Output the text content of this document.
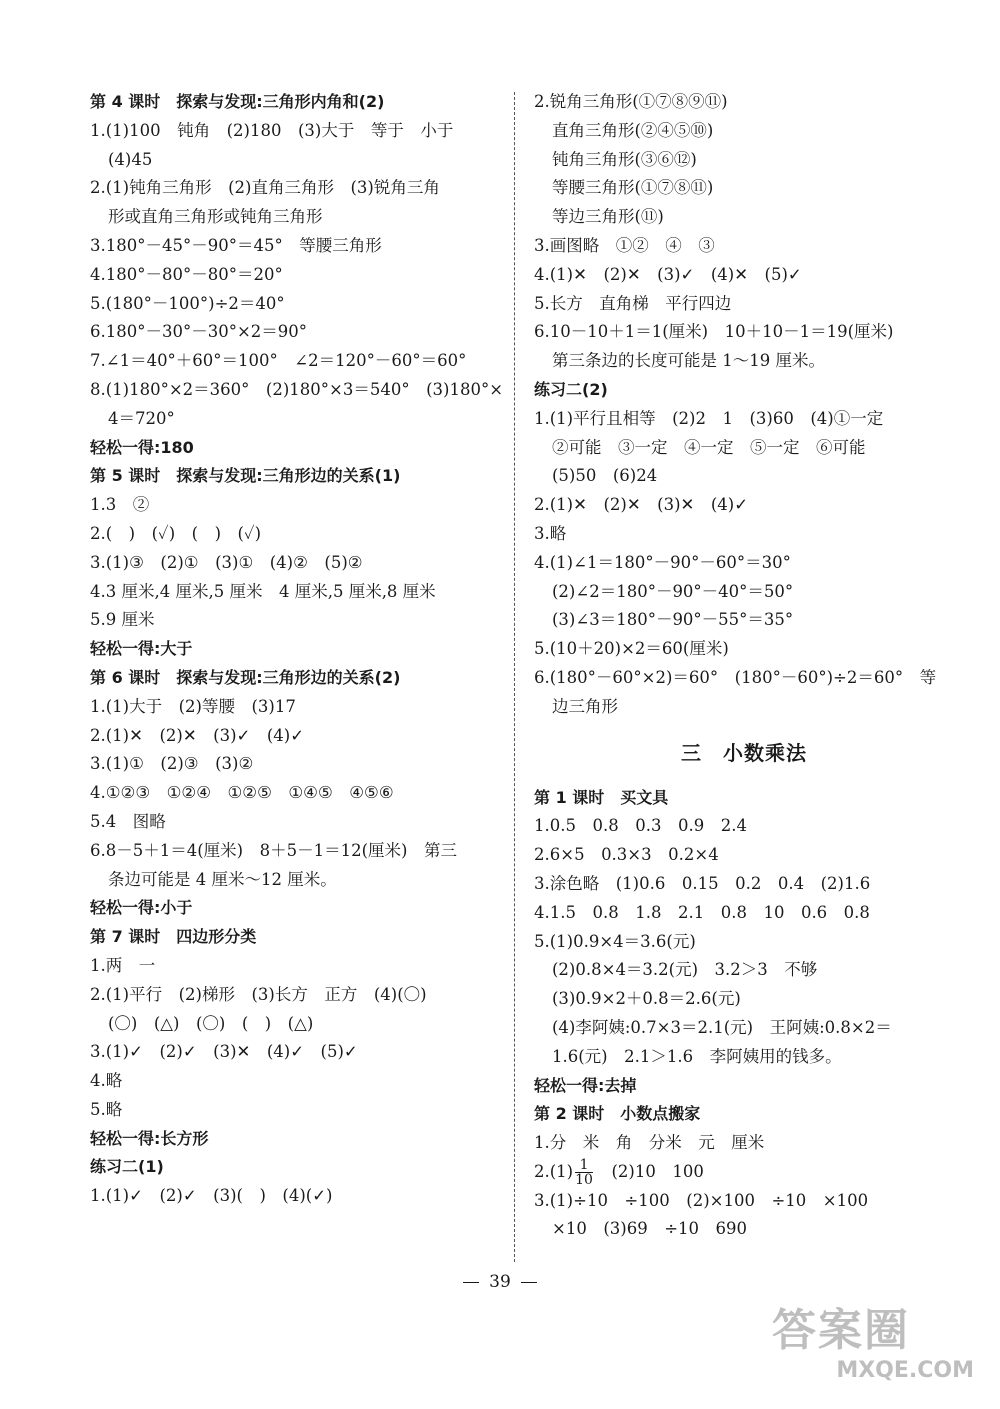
第 4 课时　探索与发现:三角形内角和(2)
1.(1)100　钝角　(2)180　(3)大于　等于　小于
(4)45
2.(1)钝角三角形　(2)直角三角形　(3)锐角三角
形或直角三角形或钝角三角形
3.180°－45°－90°＝45°　等腰三角形
4.180°－80°－80°＝20°
5.(180°－100°)÷2＝40°
6.180°－30°－30°×2＝90°
7.∠1＝40°＋60°＝100°　∠2＝120°－60°＝60°
8.(1)180°×2＝360°　(2)180°×3＝540°　(3)180°×
4＝720°
轻松一得:180
第 5 课时　探索与发现:三角形边的关系(1)
1.3　②
2.(　)　(✓)　(　)　(✓)
3.(1)③　(2)①　(3)①　(4)②　(5)②
4.3 厘米,4 厘米,5 厘米　4 厘米,5 厘米,8 厘米
5.9 厘米
轻松一得:大于
第 6 课时　探索与发现:三角形边的关系(2)
1.(1)大于　(2)等腰　(3)17
2.(1)✕　(2)✕　(3)✓　(4)✓
3.(1)①　(2)③　(3)②
4.①②③　①②④　①②⑤　①④⑤　④⑤⑥
5.4　图略
6.8－5＋1＝4(厘米)　8＋5－1＝12(厘米)　第三
条边可能是 4 厘米～12 厘米。
轻松一得:小于
第 7 课时　四边形分类
1.两　一
2.(1)平行　(2)梯形　(3)长方　正方　(4)(〇)
(〇)　(△)　(〇)　(　)　(△)
3.(1)✓　(2)✓　(3)✕　(4)✓　(5)✓
4.略
5.略
轻松一得:长方形
练习二(1)
1.(1)✓　(2)✓　(3)(　)　(4)(✓)
2.锐角三角形(①⑦⑧⑨⑪)
直角三角形(②④⑤⑩)
钝角三角形(③⑥⑫)
等腰三角形(①⑦⑧⑪)
等边三角形(⑪)
3.画图略　①②　④　③
4.(1)✕　(2)✕　(3)✓　(4)✕　(5)✓
5.长方　直角梯　平行四边
6.10－10＋1＝1(厘米)　10＋10－1＝19(厘米)
第三条边的长度可能是 1～19 厘米。
练习二(2)
1.(1)平行且相等　(2)2　1　(3)60　(4)①一定
②可能　③一定　④一定　⑤一定　⑥可能
(5)50　(6)24
2.(1)✕　(2)✕　(3)✕　(4)✓
3.略
4.(1)∠1＝180°－90°－60°＝30°
(2)∠2＝180°－90°－40°＝50°
(3)∠3＝180°－90°－55°＝35°
5.(10＋20)×2＝60(厘米)
6.(180°－60°×2)＝60°　(180°－60°)÷2＝60°　等
边三角形
三　小数乘法
第 1 课时　买文具
1.0.5　0.8　0.3　0.9　2.4
2.6×5　0.3×3　0.2×4
3.涂色略　(1)0.6　0.15　0.2　0.4　(2)1.6
4.1.5　0.8　1.8　2.1　0.8　10　0.6　0.8
5.(1)0.9×4＝3.6(元)
(2)0.8×4＝3.2(元)　3.2＞3　不够
(3)0.9×2＋0.8＝2.6(元)
(4)李阿姨:0.7×3＝2.1(元)　王阿姨:0.8×2＝
1.6(元)　2.1＞1.6　李阿姨用的钱多。
轻松一得:去掉
第 2 课时　小数点搬家
1.分　米　角　分米　元　厘米
$2.(1) \frac{1}{10}$ 　(2)10　100
3.(1)÷10　÷100　(2)×100　÷10　×100
×10　(3)69　÷10　690
39
答案圈
MXQE.COM
